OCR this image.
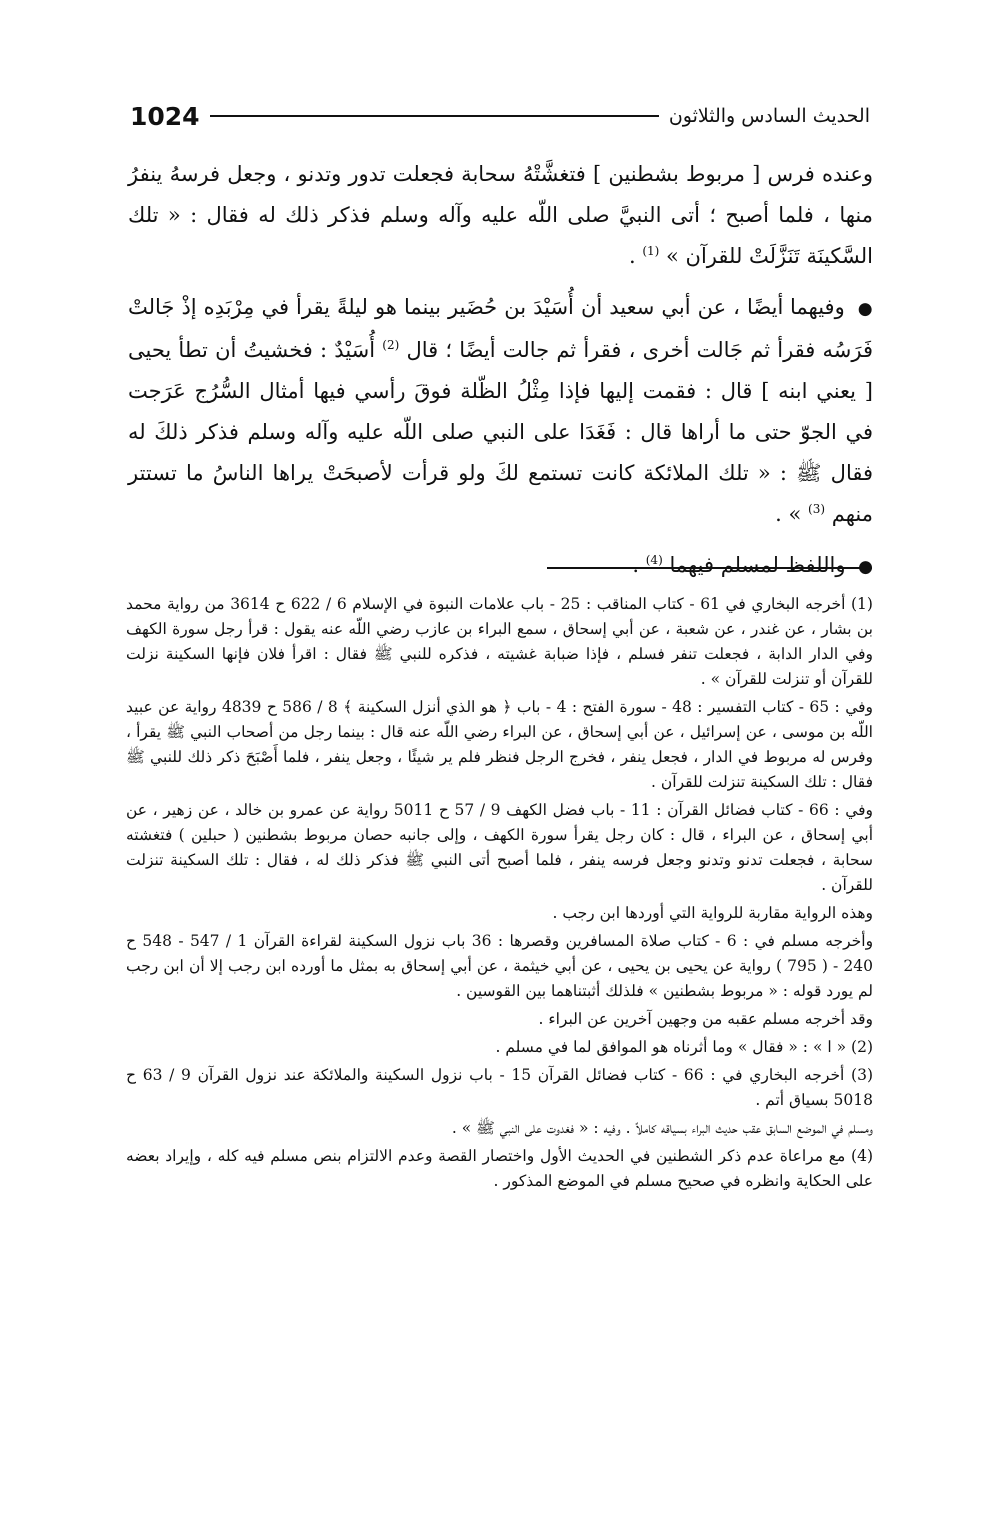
1024	الحديث السادس والثلاثون

وعنده فرس [ مربوط بشطنين ] فتغشَّتْهُ سحابة فجعلت تدور وتدنو ، وجعل فرسهُ ينفرُ منها ، فلما أصبح ؛ أتى النبيَّ صلى اللّه عليه وآله وسلم فذكر ذلك له فقال : « تلك السَّكينَة تَنَزَّلَتْ للقرآن » $^{(1)}$ .

● وفيهما أيضًا ، عن أبي سعيد أن أُسَيْدَ بن حُضَير بينما هو ليلةً يقرأ في مِرْبَدِه إذْ جَالتْ فَرَسُه فقرأ ثم جَالت أخرى ، فقرأ ثم جالت أيضًا ؛ قال $^{(2)}$ أُسَيْدٌ : فخشيتُ أن تطأ يحيى [ يعني ابنه ] قال : فقمت إليها فإذا مِثْلُ الظّلة فوقَ رأسي فيها أمثال السُّرُج عَرَجت في الجوّ حتى ما أراها قال : فَغَدَا على النبي صلى اللّه عليه وآله وسلم فذكر ذلكَ له فقال ﷺ : « تلك الملائكة كانت تستمع لكَ ولو قرأت لأصبحَتْ يراها الناسُ ما تستتر منهم $^{(3)}$ » .

● واللفظ لمسلم فيهما $^{(4)}$ .

(1) أخرجه البخاري في 61 - كتاب المناقب : 25 - باب علامات النبوة في الإسلام 6 / 622 ح 3614 من رواية محمد بن بشار ، عن غندر ، عن شعبة ، عن أبي إسحاق ، سمع البراء بن عازب رضي اللّه عنه يقول : قرأ رجل سورة الكهف وفي الدار الدابة ، فجعلت تنفر فسلم ، فإذا ضبابة غشيته ، فذكره للنبي ﷺ فقال : اقرأ فلان فإنها السكينة نزلت للقرآن أو تنزلت للقرآن » .

وفي : 65 - كتاب التفسير : 48 - سورة الفتح : 4 - باب ﴿ هو الذي أنزل السكينة ﴾ 8 / 586 ح 4839 رواية عن عبيد اللّه بن موسى ، عن إسرائيل ، عن أبي إسحاق ، عن البراء رضي اللّه عنه قال : بينما رجل من أصحاب النبي ﷺ يقرأ ، وفرس له مربوط في الدار ، فجعل ينفر ، فخرج الرجل فنظر فلم ير شيئًا ، وجعل ينفر ، فلما أَصْبَحَ ذكر ذلك للنبي ﷺ فقال : تلك السكينة تنزلت للقرآن .

وفي : 66 - كتاب فضائل القرآن : 11 - باب فضل الكهف 9 / 57 ح 5011 رواية عن عمرو بن خالد ، عن زهير ، عن أبي إسحاق ، عن البراء ، قال : كان رجل يقرأ سورة الكهف ، وإلى جانبه حصان مربوط بشطنين ( حبلين ) فتغشته سحابة ، فجعلت تدنو وتدنو وجعل فرسه ينفر ، فلما أصبح أتى النبي ﷺ فذكر ذلك له ، فقال : تلك السكينة تنزلت للقرآن .

وهذه الرواية مقاربة للرواية التي أوردها ابن رجب .

وأخرجه مسلم في : 6 - كتاب صلاة المسافرين وقصرها : 36 باب نزول السكينة لقراءة القرآن 1 / 547 - 548 ح 240 - ( 795 ) رواية عن يحيى بن يحيى ، عن أبي خيثمة ، عن أبي إسحاق به بمثل ما أورده ابن رجب إلا أن ابن رجب لم يورد قوله : « مربوط بشطنين » فلذلك أثبتناهما بين القوسين .

وقد أخرجه مسلم عقبه من وجهين آخرين عن البراء .

(2) « ا » : « فقال » وما أثرناه هو الموافق لما في مسلم .

(3) أخرجه البخاري في : 66 - كتاب فضائل القرآن 15 - باب نزول السكينة والملائكة عند نزول القرآن 9 / 63 ح 5018 بسياق أتم .

ومسلم في الموضع السابق عقب حديث البراء بسياقه كاملاً . وفيه : « فغدوت على النبي ﷺ » .

(4) مع مراعاة عدم ذكر الشطنين في الحديث الأول واختصار القصة وعدم الالتزام بنص مسلم فيه كله ، وإيراد بعضه على الحكاية وانظره في صحيح مسلم في الموضع المذكور .
